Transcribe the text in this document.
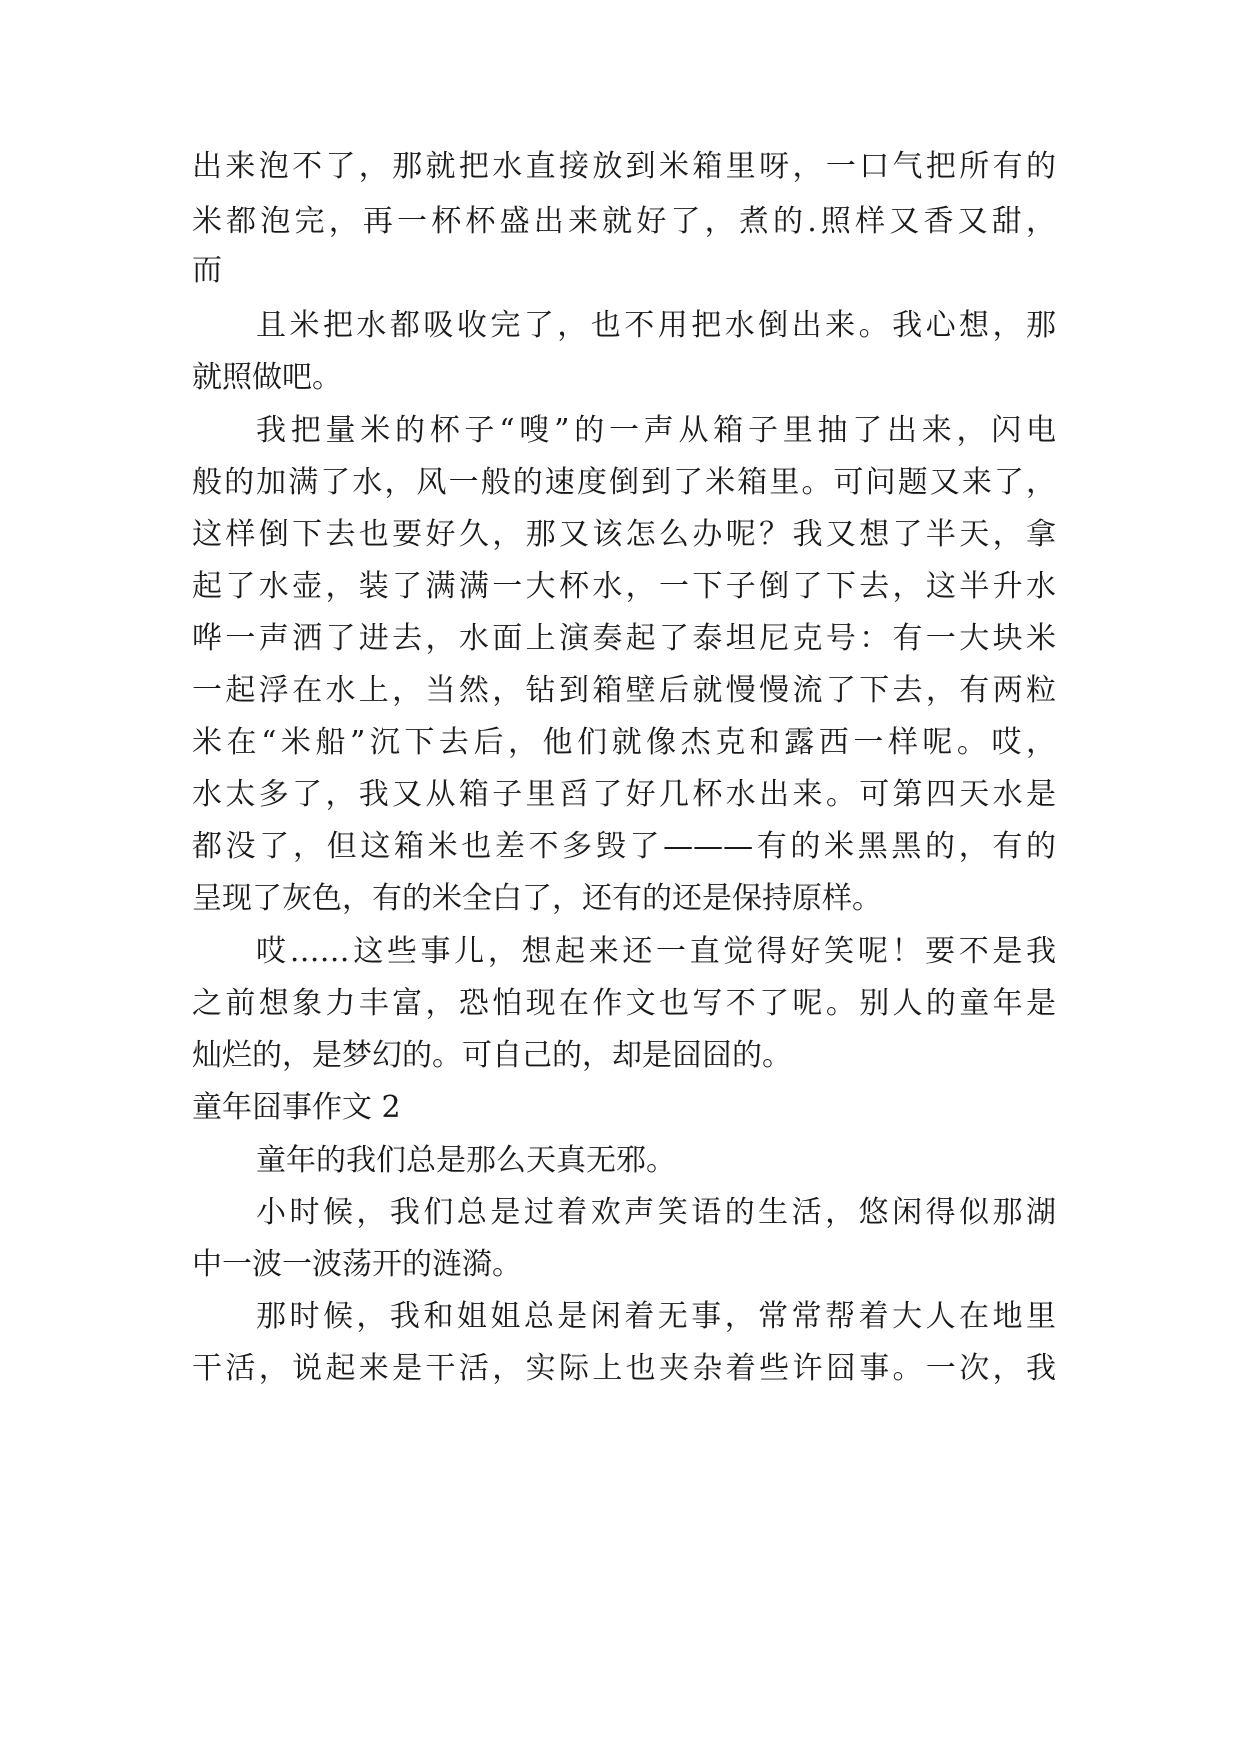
出来泡不了，那就把水直接放到米箱里呀，一口气把所有的
米都泡完，再一杯杯盛出来就好了，煮的.照样又香又甜，
而
且米把水都吸收完了，也不用把水倒出来。我心想，那
就照做吧。
我把量米的杯子“嗖”的一声从箱子里抽了出来，闪电
般的加满了水，风一般的速度倒到了米箱里。可问题又来了，
这样倒下去也要好久，那又该怎么办呢？我又想了半天，拿
起了水壶，装了满满一大杯水，一下子倒了下去，这半升水
哗一声洒了进去，水面上演奏起了泰坦尼克号：有一大块米
一起浮在水上，当然，钻到箱壁后就慢慢流了下去，有两粒
米在“米船”沉下去后，他们就像杰克和露西一样呢。哎，
水太多了，我又从箱子里舀了好几杯水出来。可第四天水是
都没了，但这箱米也差不多毁了———有的米黑黑的，有的
呈现了灰色，有的米全白了，还有的还是保持原样。
哎……这些事儿，想起来还一直觉得好笑呢！要不是我
之前想象力丰富，恐怕现在作文也写不了呢。别人的童年是
灿烂的，是梦幻的。可自己的，却是囧囧的。
童年囧事作文 2
童年的我们总是那么天真无邪。
小时候，我们总是过着欢声笑语的生活，悠闲得似那湖
中一波一波荡开的涟漪。
那时候，我和姐姐总是闲着无事，常常帮着大人在地里
干活，说起来是干活，实际上也夹杂着些许囧事。一次，我
